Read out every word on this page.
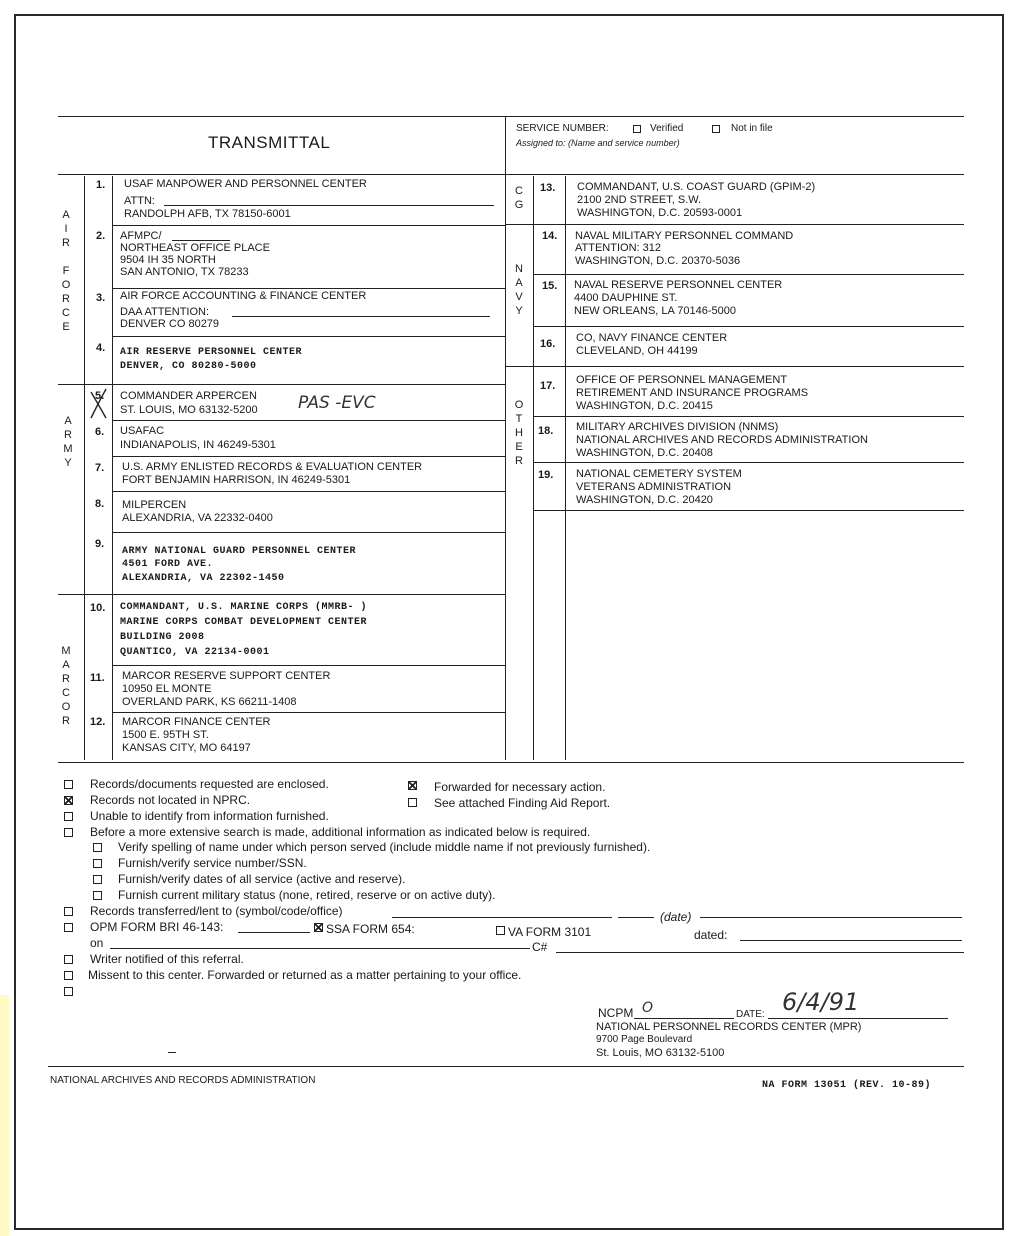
TRANSMITTAL
SERVICE NUMBER:	Verified	Not in file
Assigned to: (Name and service number)
A
I
R

F
O
R
C
E
A
R
M
Y
M
A
R
C
O
R
1. USAF MANPOWER AND PERSONNEL CENTER
ATTN:
RANDOLPH AFB, TX 78150-6001
2. AFMPC/
NORTHEAST OFFICE PLACE
9504 IH 35 NORTH
SAN ANTONIO, TX 78233
3. AIR FORCE ACCOUNTING & FINANCE CENTER
DAA ATTENTION:
DENVER CO 80279
4. AIR RESERVE PERSONNEL CENTER
DENVER, CO 80280-5000
5. COMMANDER ARPERCEN
ST. LOUIS, MO 63132-5200 PAS -EVC
6. USAFAC
INDIANAPOLIS, IN 46249-5301
7. U.S. ARMY ENLISTED RECORDS & EVALUATION CENTER
FORT BENJAMIN HARRISON, IN 46249-5301
8. MILPERCEN
ALEXANDRIA, VA 22332-0400
9.
ARMY NATIONAL GUARD PERSONNEL CENTER
4501 FORD AVE.
ALEXANDRIA, VA 22302-1450
10. COMMANDANT, U.S. MARINE CORPS (MMRB- )
MARINE CORPS COMBAT DEVELOPMENT CENTER
BUILDING 2008
QUANTICO, VA 22134-0001
11. MARCOR RESERVE SUPPORT CENTER
10950 EL MONTE
OVERLAND PARK, KS 66211-1408
12. MARCOR FINANCE CENTER
1500 E. 95TH ST.
KANSAS CITY, MO 64197
C
G
N
A
V
Y
O
T
H
E
R
13. COMMANDANT, U.S. COAST GUARD (GPIM-2)
2100 2ND STREET, S.W.
WASHINGTON, D.C. 20593-0001
14. NAVAL MILITARY PERSONNEL COMMAND
ATTENTION: 312
WASHINGTON, D.C. 20370-5036
15. NAVAL RESERVE PERSONNEL CENTER
4400 DAUPHINE ST.
NEW ORLEANS, LA 70146-5000
16. CO, NAVY FINANCE CENTER
CLEVELAND, OH 44199
17. OFFICE OF PERSONNEL MANAGEMENT
RETIREMENT AND INSURANCE PROGRAMS
WASHINGTON, D.C. 20415
18. MILITARY ARCHIVES DIVISION (NNMS)
NATIONAL ARCHIVES AND RECORDS ADMINISTRATION
WASHINGTON, D.C. 20408
19. NATIONAL CEMETERY SYSTEM
VETERANS ADMINISTRATION
WASHINGTON, D.C. 20420
Records/documents requested are enclosed.
Records not located in NPRC.
Unable to identify from information furnished.
Before a more extensive search is made, additional information as indicated below is required.
Forwarded for necessary action.
See attached Finding Aid Report.
Verify spelling of name under which person served (include middle name if not previously furnished).
Furnish/verify service number/SSN.
Furnish/verify dates of all service (active and reserve).
Furnish current military status (none, retired, reserve or on active duty).
Records transferred/lent to (symbol/code/office)	(date)
OPM FORM BRI 46-143:	SSA FORM 654:	VA FORM 3101	dated:
on	C#
Writer notified of this referral.
Missent to this center. Forwarded or returned as a matter pertaining to your office.
NCPM O	DATE: 6/4/91
NATIONAL PERSONNEL RECORDS CENTER (MPR)
9700 Page Boulevard
St. Louis, MO 63132-5100
NATIONAL ARCHIVES AND RECORDS ADMINISTRATION	NA FORM 13051 (REV. 10-89)
